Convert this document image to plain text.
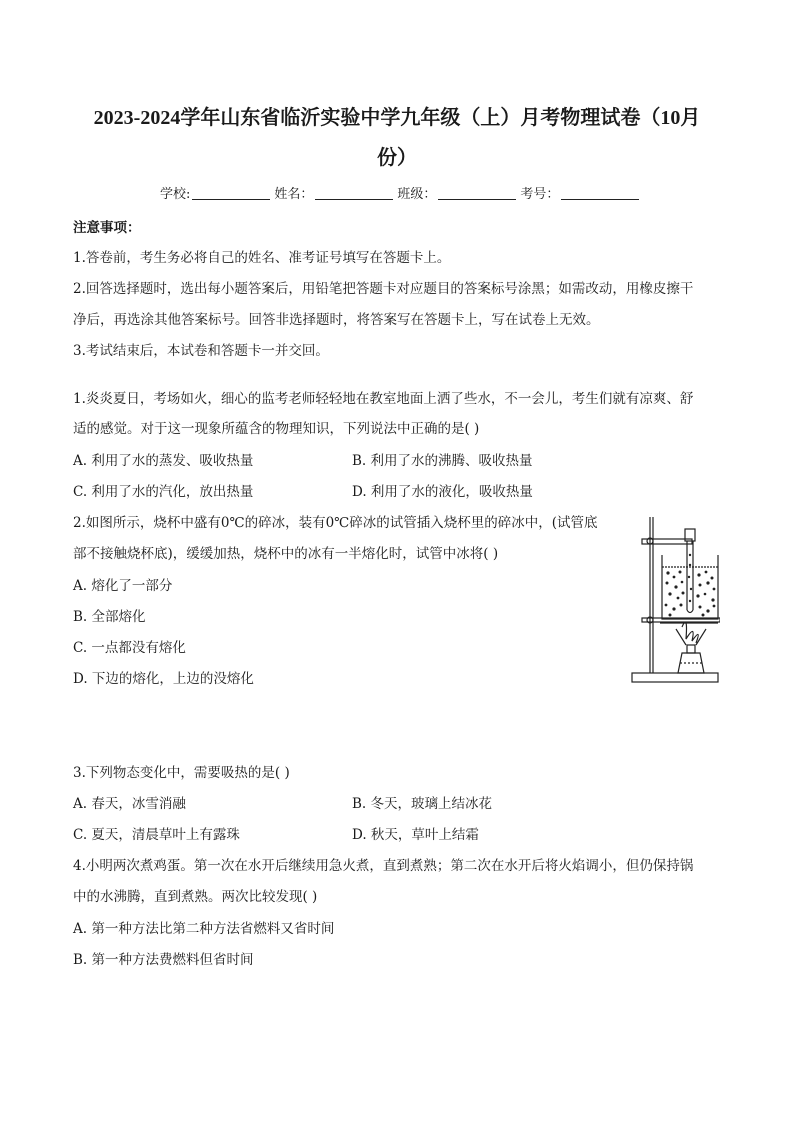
2023-2024学年山东省临沂实验中学九年级（上）月考物理试卷（10月
份）
学校:	姓名：	班级：	考号：
注意事项：
1.答卷前，考生务必将自己的姓名、准考证号填写在答题卡上。
2.回答选择题时，选出每小题答案后，用铅笔把答题卡对应题目的答案标号涂黑；如需改动，用橡皮擦干
净后，再选涂其他答案标号。回答非选择题时，将答案写在答题卡上，写在试卷上无效。
3.考试结束后，本试卷和答题卡一并交回。
1.炎炎夏日，考场如火，细心的监考老师轻轻地在教室地面上洒了些水，不一会儿，考生们就有凉爽、舒
适的感觉。对于这一现象所蕴含的物理知识，下列说法中正确的是( )
A. 利用了水的蒸发、吸收热量	B. 利用了水的沸腾、吸收热量
C. 利用了水的汽化，放出热量	D. 利用了水的液化，吸收热量
2.如图所示，烧杯中盛有0℃的碎冰，装有0℃碎冰的试管插入烧杯里的碎冰中，(试管底
部不接触烧杯底)，缓缓加热，烧杯中的冰有一半熔化时，试管中冰将( )
A. 熔化了一部分
B. 全部熔化
C. 一点都没有熔化
D. 下边的熔化，上边的没熔化
3.下列物态变化中，需要吸热的是( )
A. 春天，冰雪消融	B. 冬天，玻璃上结冰花
C. 夏天，清晨草叶上有露珠	D. 秋天，草叶上结霜
4.小明两次煮鸡蛋。第一次在水开后继续用急火煮，直到煮熟；第二次在水开后将火焰调小，但仍保持锅
中的水沸腾，直到煮熟。两次比较发现( )
A. 第一种方法比第二种方法省燃料又省时间
B. 第一种方法费燃料但省时间
